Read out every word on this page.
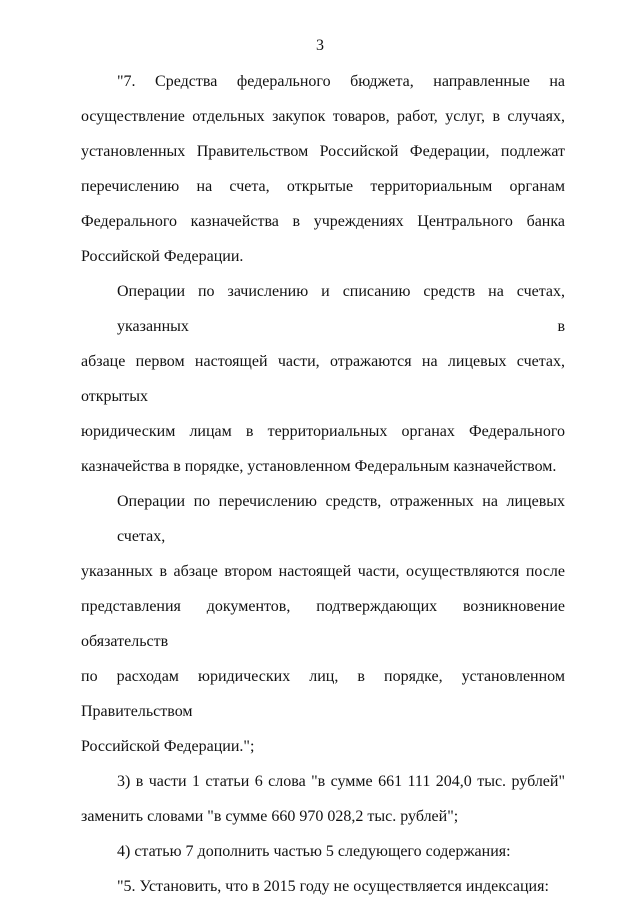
3
"7. Средства федерального бюджета, направленные на
осуществление отдельных закупок товаров, работ, услуг, в случаях,
установленных Правительством Российской Федерации, подлежат
перечислению на счета, открытые территориальным органам
Федерального казначейства в учреждениях Центрального банка
Российской Федерации.
Операции по зачислению и списанию средств на счетах, указанных в
абзаце первом настоящей части, отражаются на лицевых счетах, открытых
юридическим лицам в территориальных органах Федерального
казначейства в порядке, установленном Федеральным казначейством.
Операции по перечислению средств, отраженных на лицевых счетах,
указанных в абзаце втором настоящей части, осуществляются после
представления документов, подтверждающих возникновение обязательств
по расходам юридических лиц, в порядке, установленном Правительством
Российской Федерации.";
3) в части 1 статьи 6 слова "в сумме 661 111 204,0 тыс. рублей"
заменить словами "в сумме 660 970 028,2 тыс. рублей";
4) статью 7 дополнить частью 5 следующего содержания:
"5. Установить, что в 2015 году не осуществляется индексация:
